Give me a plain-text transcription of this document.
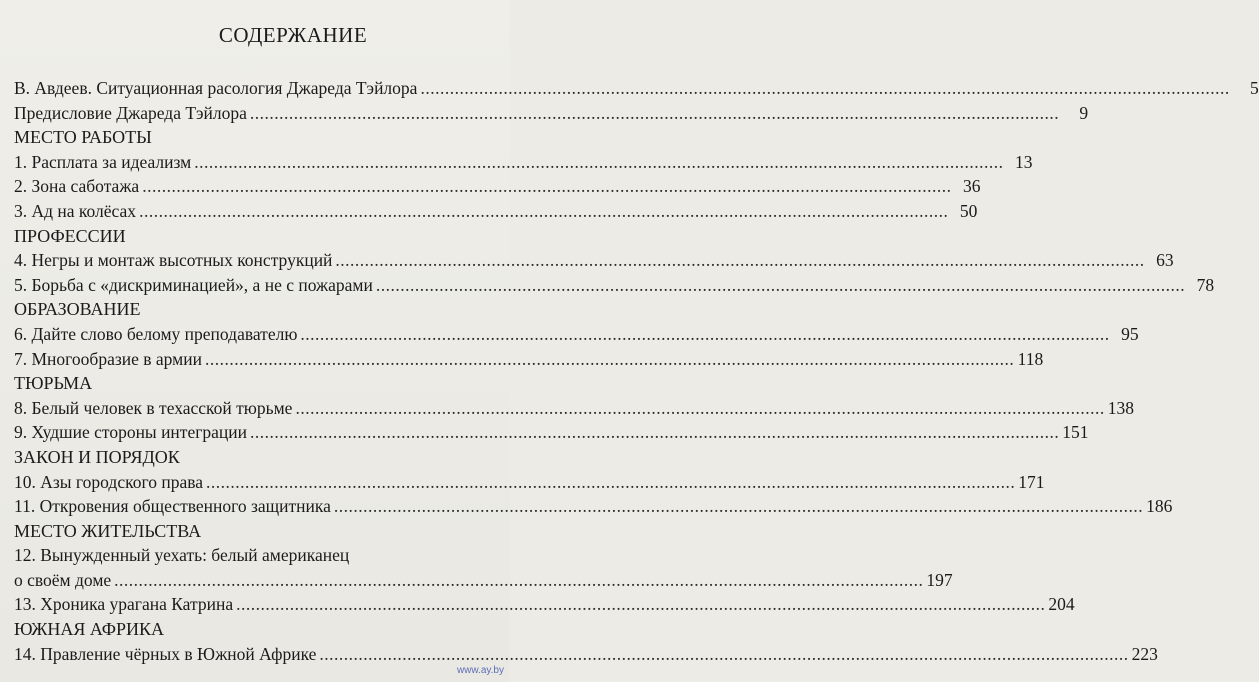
СОДЕРЖАНИЕ
В. Авдеев. Ситуационная расология Джареда Тэйлора .....	5
Предисловие Джареда Тэйлора .....	9
МЕСТО РАБОТЫ
1. Расплата за идеализм .....	13
2. Зона саботажа .....	36
3. Ад на колёсах .....	50
ПРОФЕССИИ
4. Негры и монтаж высотных конструкций .....	63
5. Борьба с «дискриминацией», а не с пожарами .....	78
ОБРАЗОВАНИЕ
6. Дайте слово белому преподавателю .....	95
7. Многообразие в армии .....	118
ТЮРЬМА
8. Белый человек в техасской тюрьме .....	138
9. Худшие стороны интеграции .....	151
ЗАКОН И ПОРЯДОК
10. Азы городского права .....	171
11. Откровения общественного защитника .....	186
МЕСТО ЖИТЕЛЬСТВА
12. Вынужденный уехать: белый американец
о своём доме .....	197
13. Хроника урагана Катрина .....	204
ЮЖНАЯ АФРИКА
14. Правление чёрных в Южной Африке .....	223
www.ay.by
